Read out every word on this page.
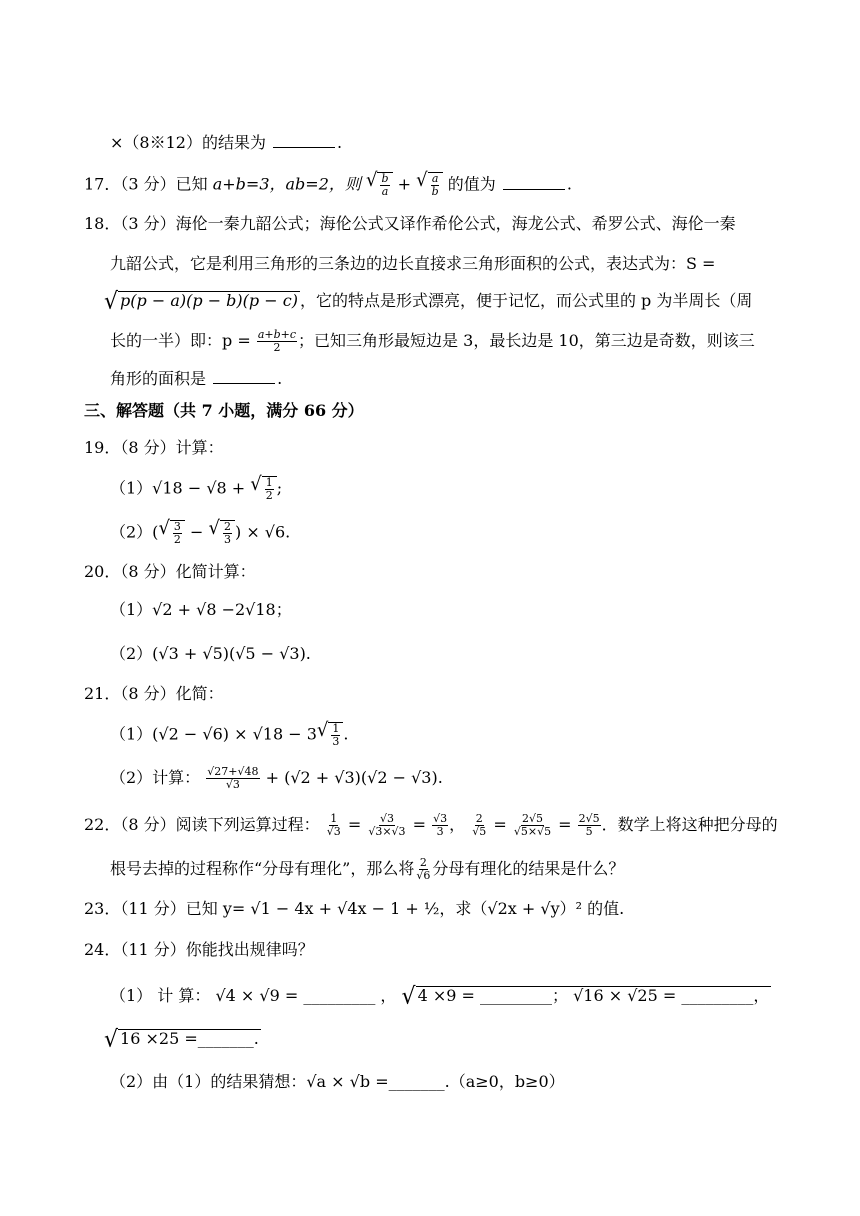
×（8※12）的结果为	.
17．（3 分）已知 a+b=3，ab=2，则 √ $\frac{b}{a}$ + √ $\frac{a}{b}$ 的值为	.
18．（3 分）海伦一秦九韶公式；海伦公式又译作希伦公式，海龙公式、希罗公式、海伦一秦
九韶公式，它是利用三角形的三条边的边长直接求三角形面积的公式，表达式为：S =
√ p(p − a)(p − b)(p − c) ，它的特点是形式漂亮，便于记忆，而公式里的 p 为半周长（周
长的一半）即：$p = \frac{a+b+c}{2}$ ；已知三角形最短边是 3，最长边是 10，第三边是奇数，则该三
角形的面积是	.
三、解答题（共 7 小题，满分 66 分）
19．（8 分）计算：
（1）√18 − √8 + √ $\frac{1}{2}$ ;
（2）( √ $\frac{3}{2}$ − √ $\frac{2}{3}$ ) × √6.
20．（8 分）化简计算：
（1）√2 + √8 −2√18；
（2）(√3 + √5)(√5 − √3).
21．（8 分）化简：
（1）(√2 − √6) × √18 − 3 √ $\frac{1}{3}$ .
（2）计算： $\frac{√27+√48}{√3} + (√2 + √3)(√2 - √3)$.
22．（8 分）阅读下列运算过程： $\frac{1}{√3} = \frac{√3}{√3\times√3} = \frac{√3}{3}$ ， $\frac{2}{√5} = \frac{2√5}{√5\times√5} = \frac{2√5}{5}$ ．数学上将这种把分母的
根号去掉的过程称作“分母有理化”，那么将 $\frac{2}{√6}$ 分母有理化的结果是什么？
23．（11 分）已知 y= √1 − 4x + √4x − 1 + ½，求（√2x + √y）² 的值.
24．（11 分）你能找出规律吗？
（1） 计 算： √4 × √9 = _________ ， √ 4 ×9 = _________； √16 × √25 = _________，
√ 16 ×25 =_______.
（2）由（1）的结果猜想：√a × √b =_______.（a≥0，b≥0）
